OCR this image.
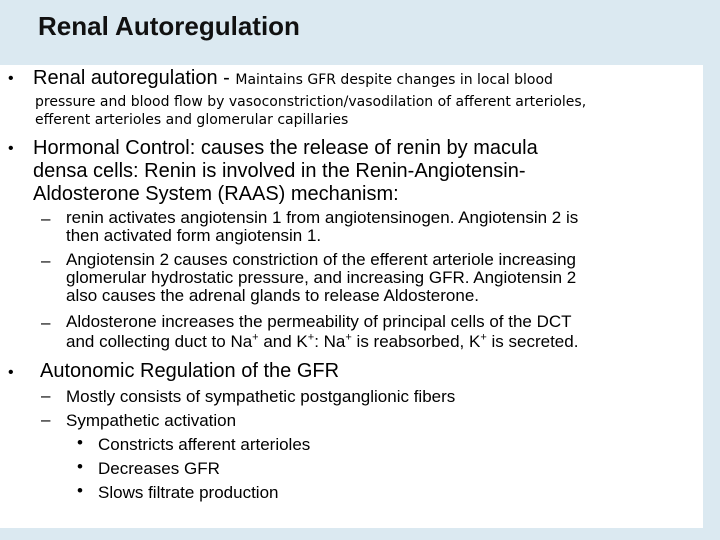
Renal Autoregulation
• Renal autoregulation - Maintains GFR despite changes in local blood
pressure and blood flow by vasoconstriction/vasodilation of afferent arterioles,
efferent arterioles and glomerular capillaries
• Hormonal Control: causes the release of renin by macula
densa cells: Renin is involved in the Renin-Angiotensin-
Aldosterone System (RAAS) mechanism:
– renin activates angiotensin 1 from angiotensinogen. Angiotensin 2 is
then activated form angiotensin 1.
– Angiotensin 2 causes constriction of the efferent arteriole increasing
glomerular hydrostatic pressure, and increasing GFR. Angiotensin 2
also causes the adrenal glands to release Aldosterone.
– Aldosterone increases the permeability of principal cells of the DCT
and collecting duct to Na+ and K+: Na+ is reabsorbed, K+ is secreted.
• Autonomic Regulation of the GFR
– Mostly consists of sympathetic postganglionic fibers
– Sympathetic activation
• Constricts afferent arterioles
• Decreases GFR
• Slows filtrate production
